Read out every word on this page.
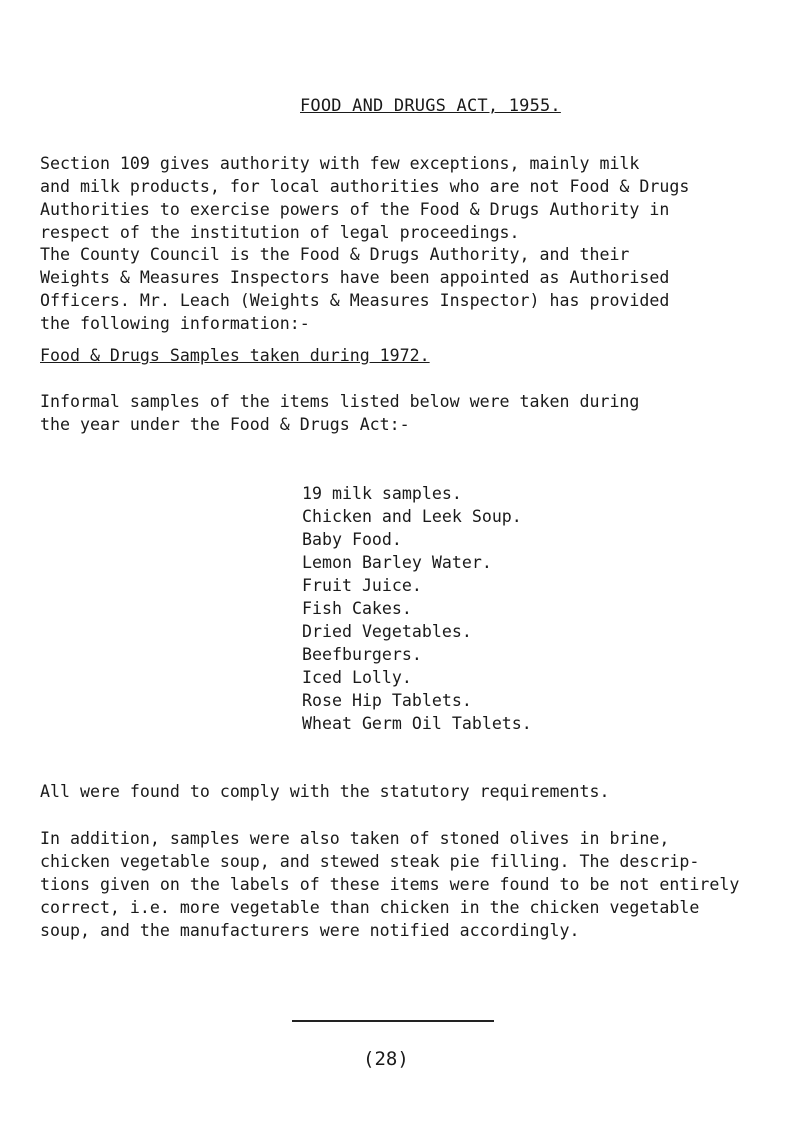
FOOD AND DRUGS ACT, 1955.

Section 109 gives authority with few exceptions, mainly milk
and milk products, for local authorities who are not Food & Drugs
Authorities to exercise powers of the Food & Drugs Authority in
respect of the institution of legal proceedings.

The County Council is the Food & Drugs Authority, and their
Weights & Measures Inspectors have been appointed as Authorised
Officers. Mr. Leach (Weights & Measures Inspector) has provided
the following information:-

Food & Drugs Samples taken during 1972.

Informal samples of the items listed below were taken during
the year under the Food & Drugs Act:-

19 milk samples.
Chicken and Leek Soup.
Baby Food.
Lemon Barley Water.
Fruit Juice.
Fish Cakes.
Dried Vegetables.
Beefburgers.
Iced Lolly.
Rose Hip Tablets.
Wheat Germ Oil Tablets.

All were found to comply with the statutory requirements.

In addition, samples were also taken of stoned olives in brine,
chicken vegetable soup, and stewed steak pie filling. The descrip-
tions given on the labels of these items were found to be not entirely
correct, i.e. more vegetable than chicken in the chicken vegetable
soup, and the manufacturers were notified accordingly.

(28)
